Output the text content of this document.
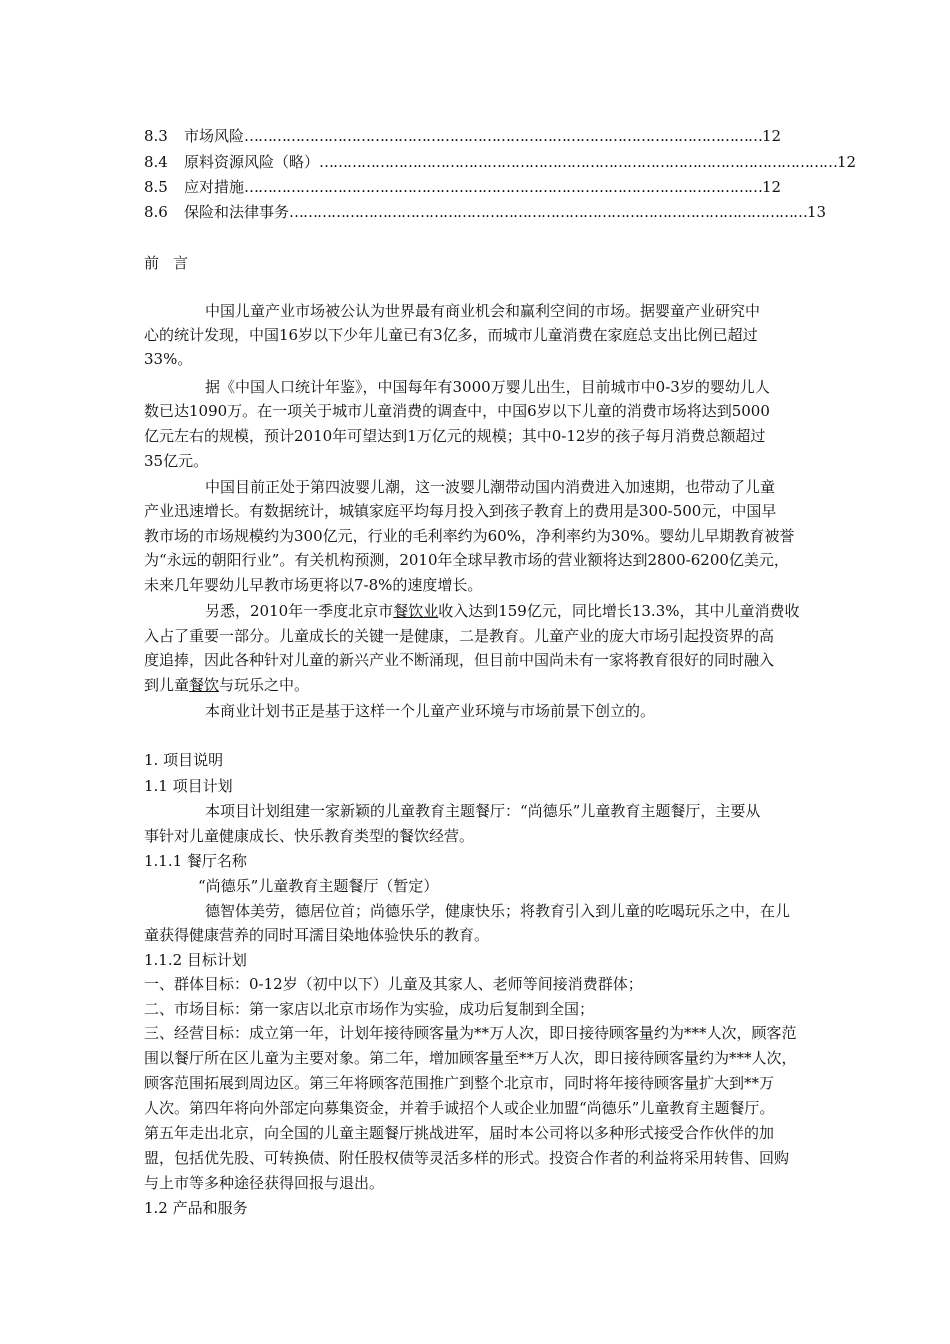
8.3	市场风险 ………………………………………………………………………………………………… 12
8.4	原料资源风险（略） ………………………………………………………………………………………………… 12
8.5	应对措施 ………………………………………………………………………………………………… 12
8.6	保险和法律事务 ………………………………………………………………………………………………… 13
前言
中国儿童产业市场被公认为世界最有商业机会和赢利空间的市场。据婴童产业研究中
心的统计发现，中国16岁以下少年儿童已有3亿多，而城市儿童消费在家庭总支出比例已超过
33%。
据《中国人口统计年鉴》，中国每年有3000万婴儿出生，目前城市中0-3岁的婴幼儿人
数已达1090万。在一项关于城市儿童消费的调查中，中国6岁以下儿童的消费市场将达到5000
亿元左右的规模，预计2010年可望达到1万亿元的规模；其中0-12岁的孩子每月消费总额超过
35亿元。
中国目前正处于第四波婴儿潮，这一波婴儿潮带动国内消费进入加速期，也带动了儿童
产业迅速增长。有数据统计，城镇家庭平均每月投入到孩子教育上的费用是300-500元，中国早
教市场的市场规模约为300亿元，行业的毛利率约为60%，净利率约为30%。婴幼儿早期教育被誉
为“永远的朝阳行业”。有关机构预测，2010年全球早教市场的营业额将达到2800-6200亿美元，
未来几年婴幼儿早教市场更将以7-8%的速度增长。
另悉，2010年一季度北京市餐饮业收入达到159亿元，同比增长13.3%，其中儿童消费收
入占了重要一部分。儿童成长的关键一是健康，二是教育。儿童产业的庞大市场引起投资界的高
度追捧，因此各种针对儿童的新兴产业不断涌现，但目前中国尚未有一家将教育很好的同时融入
到儿童餐饮与玩乐之中。
本商业计划书正是基于这样一个儿童产业环境与市场前景下创立的。
1. 项目说明
1.1 项目计划
本项目计划组建一家新颖的儿童教育主题餐厅：“尚德乐”儿童教育主题餐厅，主要从
事针对儿童健康成长、快乐教育类型的餐饮经营。
1.1.1 餐厅名称
“尚德乐”儿童教育主题餐厅（暂定）
德智体美劳，德居位首；尚德乐学，健康快乐；将教育引入到儿童的吃喝玩乐之中，在儿
童获得健康营养的同时耳濡目染地体验快乐的教育。
1.1.2 目标计划
一、群体目标：0-12岁（初中以下）儿童及其家人、老师等间接消费群体；
二、市场目标：第一家店以北京市场作为实验，成功后复制到全国；
三、经营目标：成立第一年，计划年接待顾客量为**万人次，即日接待顾客量约为***人次，顾客范
围以餐厅所在区儿童为主要对象。第二年，增加顾客量至**万人次，即日接待顾客量约为***人次，
顾客范围拓展到周边区。第三年将顾客范围推广到整个北京市，同时将年接待顾客量扩大到**万
人次。第四年将向外部定向募集资金，并着手诚招个人或企业加盟“尚德乐”儿童教育主题餐厅。
第五年走出北京，向全国的儿童主题餐厅挑战进军，届时本公司将以多种形式接受合作伙伴的加
盟，包括优先股、可转换债、附任股权债等灵活多样的形式。投资合作者的利益将采用转售、回购
与上市等多种途径获得回报与退出。
1.2 产品和服务
